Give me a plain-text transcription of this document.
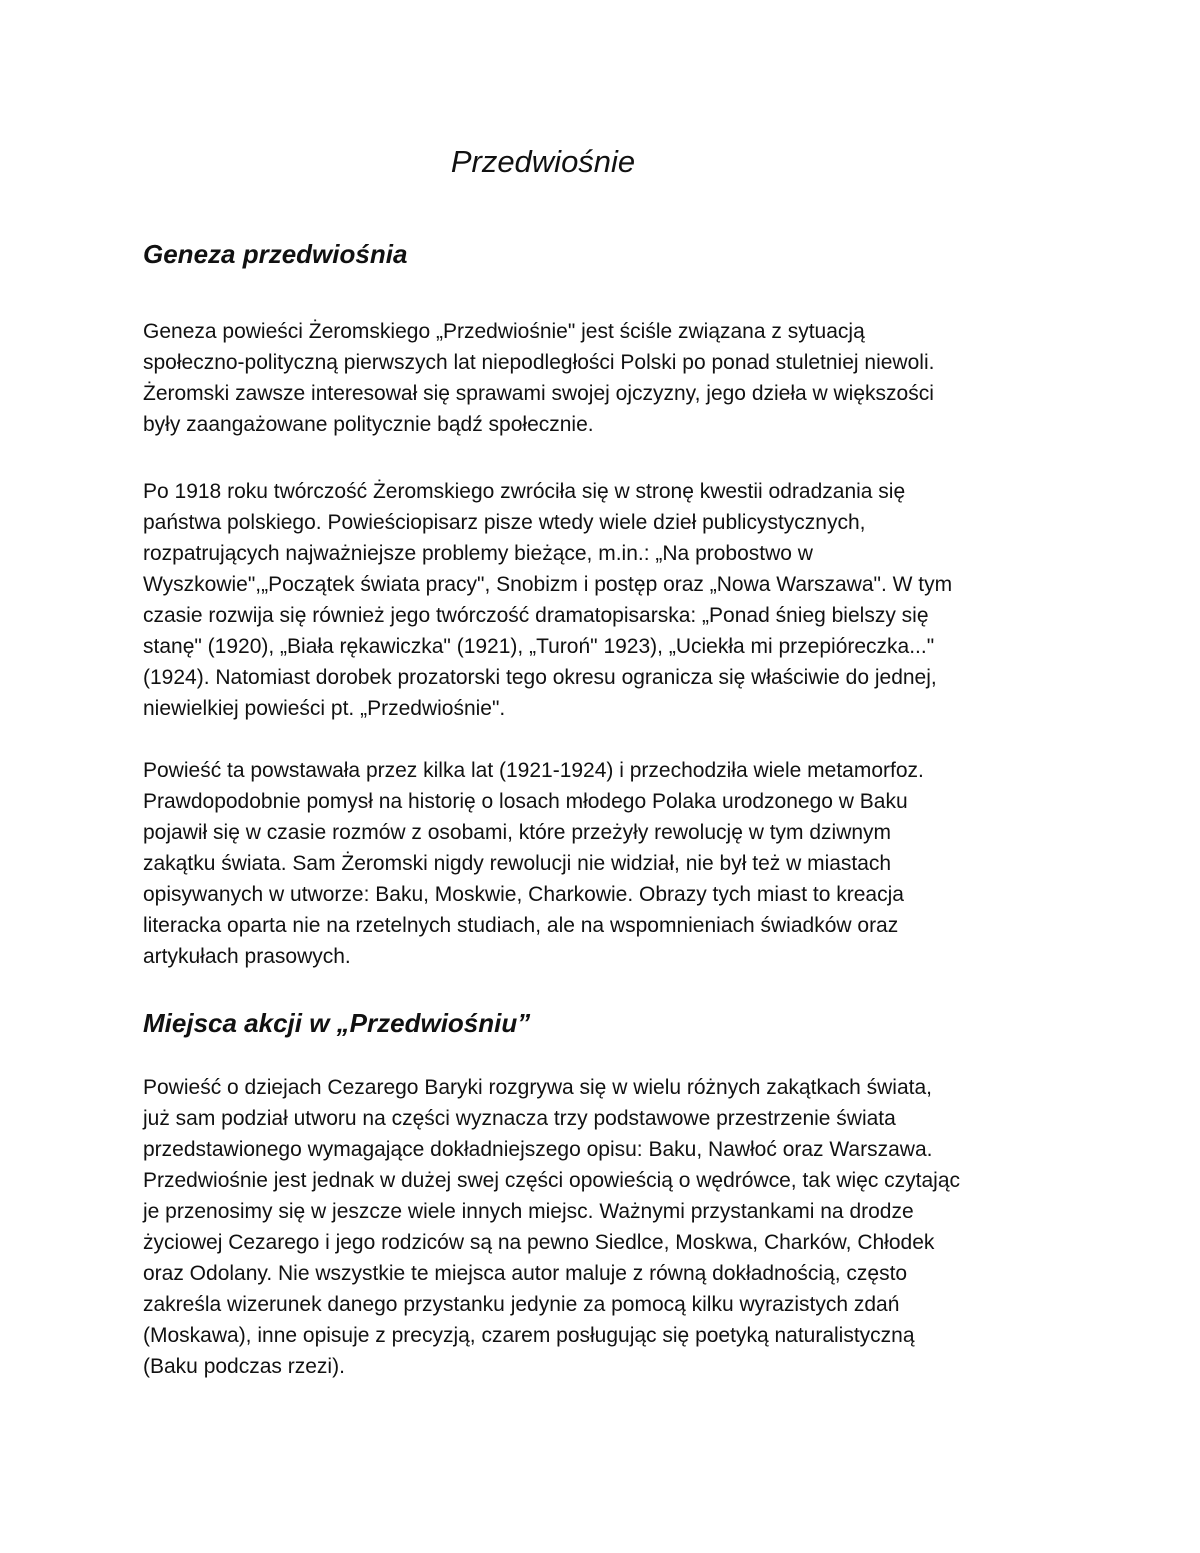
Przedwiośnie
Geneza przedwiośnia

Geneza powieści Żeromskiego „Przedwiośnie" jest ściśle związana z sytuacją
społeczno-polityczną pierwszych lat niepodległości Polski po ponad stuletniej niewoli.
Żeromski zawsze interesował się sprawami swojej ojczyzny, jego dzieła w większości
były zaangażowane politycznie bądź społecznie.

Po 1918 roku twórczość Żeromskiego zwróciła się w stronę kwestii odradzania się
państwa polskiego. Powieściopisarz pisze wtedy wiele dzieł publicystycznych,
rozpatrujących najważniejsze problemy bieżące, m.in.: „Na probostwo w
Wyszkowie",„Początek świata pracy", Snobizm i postęp oraz „Nowa Warszawa". W tym
czasie rozwija się również jego twórczość dramatopisarska: „Ponad śnieg bielszy się
stanę" (1920), „Biała rękawiczka" (1921), „Turoń" 1923), „Uciekła mi przepióreczka..."
(1924). Natomiast dorobek prozatorski tego okresu ogranicza się właściwie do jednej,
niewielkiej powieści pt. „Przedwiośnie".

Powieść ta powstawała przez kilka lat (1921-1924) i przechodziła wiele metamorfoz.
Prawdopodobnie pomysł na historię o losach młodego Polaka urodzonego w Baku
pojawił się w czasie rozmów z osobami, które przeżyły rewolucję w tym dziwnym
zakątku świata. Sam Żeromski nigdy rewolucji nie widział, nie był też w miastach
opisywanych w utworze: Baku, Moskwie, Charkowie. Obrazy tych miast to kreacja
literacka oparta nie na rzetelnych studiach, ale na wspomnieniach świadków oraz
artykułach prasowych.

Miejsca akcji w „Przedwiośniu”

Powieść o dziejach Cezarego Baryki rozgrywa się w wielu różnych zakątkach świata,
już sam podział utworu na części wyznacza trzy podstawowe przestrzenie świata
przedstawionego wymagające dokładniejszego opisu: Baku, Nawłoć oraz Warszawa.
Przedwiośnie jest jednak w dużej swej części opowieścią o wędrówce, tak więc czytając
je przenosimy się w jeszcze wiele innych miejsc. Ważnymi przystankami na drodze
życiowej Cezarego i jego rodziców są na pewno Siedlce, Moskwa, Charków, Chłodek
oraz Odolany. Nie wszystkie te miejsca autor maluje z równą dokładnością, często
zakreśla wizerunek danego przystanku jedynie za pomocą kilku wyrazistych zdań
(Moskawa), inne opisuje z precyzją, czarem posługując się poetyką naturalistyczną
(Baku podczas rzezi).
